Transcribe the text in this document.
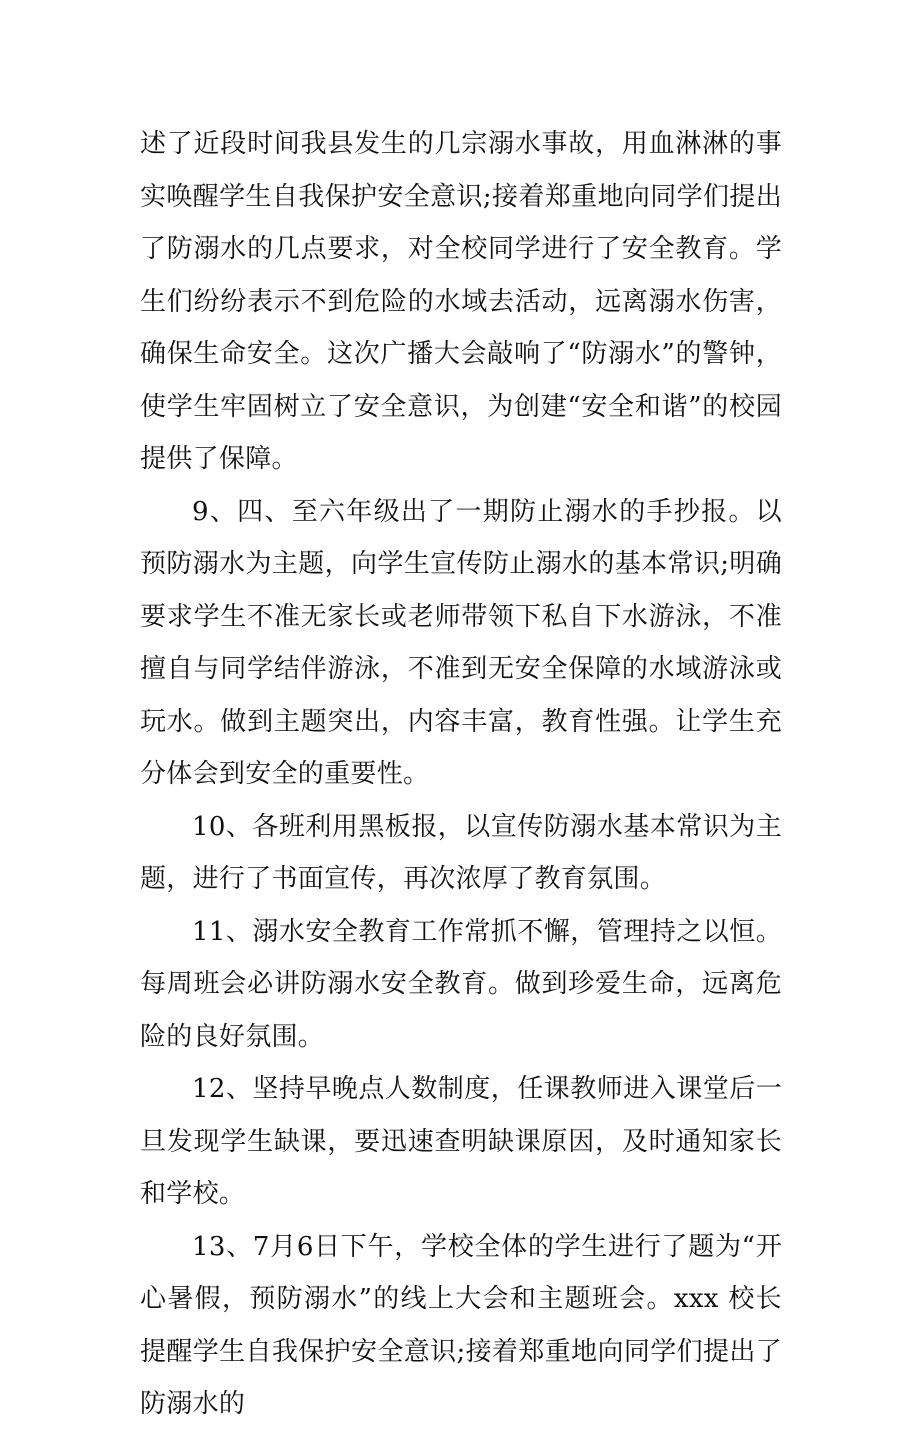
述了近段时间我县发生的几宗溺水事故，用血淋淋的事实唤醒学生自我保护安全意识;接着郑重地向同学们提出了防溺水的几点要求，对全校同学进行了安全教育。学生们纷纷表示不到危险的水域去活动，远离溺水伤害，确保生命安全。这次广播大会敲响了“防溺水”的警钟，使学生牢固树立了安全意识，为创建“安全和谐”的校园提供了保障。

9、四、至六年级出了一期防止溺水的手抄报。以预防溺水为主题，向学生宣传防止溺水的基本常识;明确要求学生不准无家长或老师带领下私自下水游泳，不准擅自与同学结伴游泳，不准到无安全保障的水域游泳或玩水。做到主题突出，内容丰富，教育性强。让学生充分体会到安全的重要性。

10、各班利用黑板报，以宣传防溺水基本常识为主题，进行了书面宣传，再次浓厚了教育氛围。

11、溺水安全教育工作常抓不懈，管理持之以恒。每周班会必讲防溺水安全教育。做到珍爱生命，远离危险的良好氛围。

12、坚持早晚点人数制度，任课教师进入课堂后一旦发现学生缺课，要迅速查明缺课原因，及时通知家长和学校。

13、7月6日下午，学校全体的学生进行了题为“开心暑假，预防溺水”的线上大会和主题班会。xxx 校长提醒学生自我保护安全意识;接着郑重地向同学们提出了防溺水的
